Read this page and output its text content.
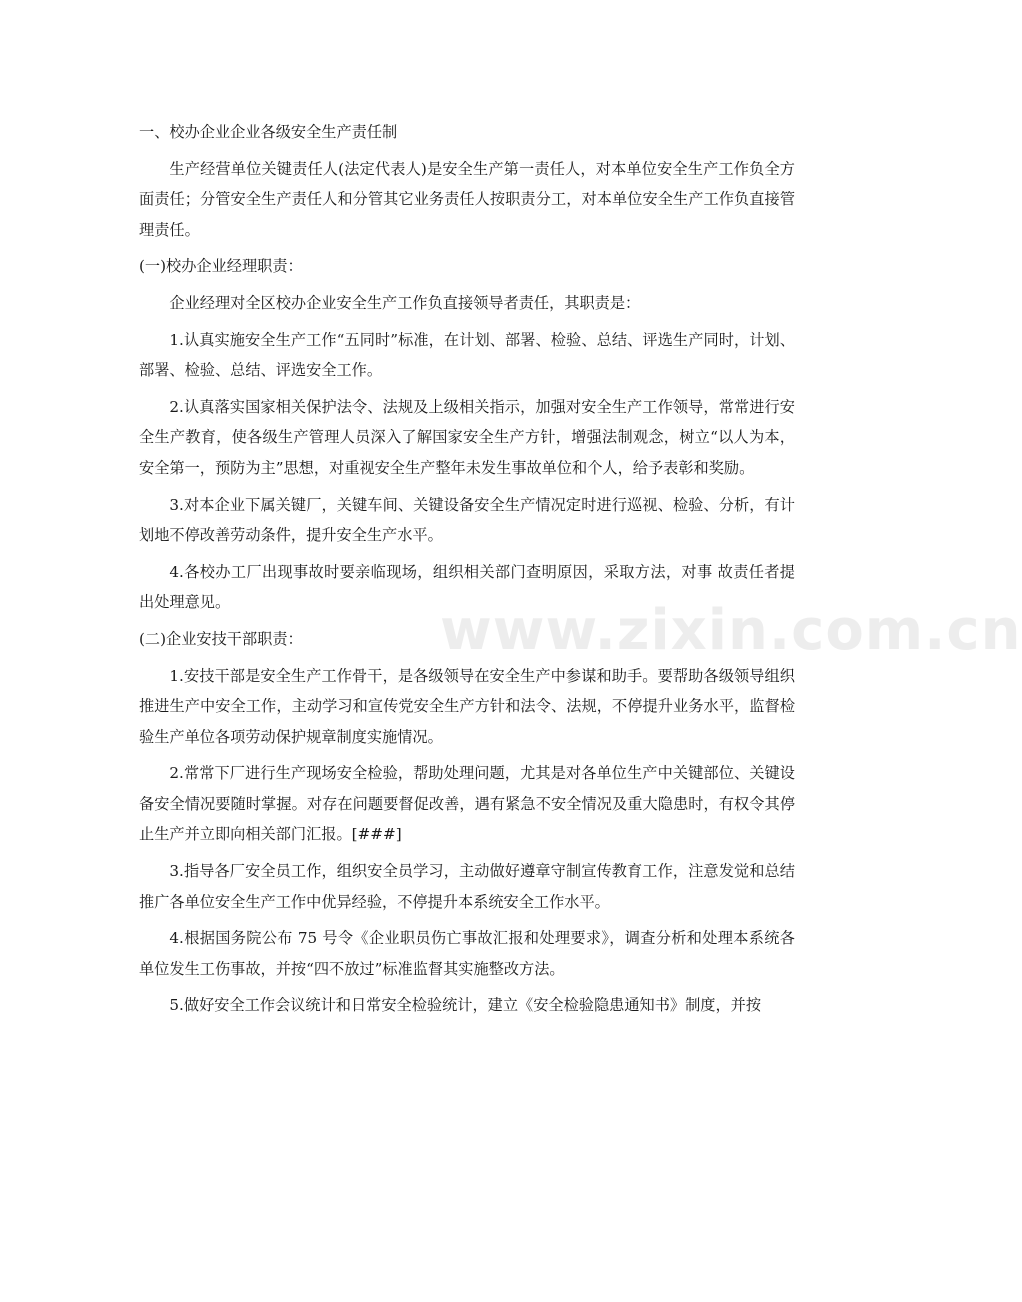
一、校办企业企业各级安全生产责任制

生产经营单位关键责任人(法定代表人)是安全生产第一责任人，对本单位安全生产工作负全方面责任；分管安全生产责任人和分管其它业务责任人按职责分工，对本单位安全生产工作负直接管理责任。

(一)校办企业经理职责：

企业经理对全区校办企业安全生产工作负直接领导者责任，其职责是：

1.认真实施安全生产工作“五同时”标准，在计划、部署、检验、总结、评选生产同时，计划、部署、检验、总结、评选安全工作。

2.认真落实国家相关保护法令、法规及上级相关指示，加强对安全生产工作领导，常常进行安全生产教育，使各级生产管理人员深入了解国家安全生产方针，增强法制观念，树立“以人为本，安全第一，预防为主”思想，对重视安全生产整年未发生事故单位和个人，给予表彰和奖励。

3.对本企业下属关键厂，关键车间、关键设备安全生产情况定时进行巡视、检验、分析，有计划地不停改善劳动条件，提升安全生产水平。

4.各校办工厂出现事故时要亲临现场，组织相关部门查明原因，采取方法，对事 故责任者提出处理意见。

(二)企业安技干部职责：

1.安技干部是安全生产工作骨干，是各级领导在安全生产中参谋和助手。要帮助各级领导组织推进生产中安全工作，主动学习和宣传党安全生产方针和法令、法规，不停提升业务水平，监督检验生产单位各项劳动保护规章制度实施情况。

2.常常下厂进行生产现场安全检验，帮助处理问题，尤其是对各单位生产中关键部位、关键设备安全情况要随时掌握。对存在问题要督促改善，遇有紧急不安全情况及重大隐患时，有权令其停止生产并立即向相关部门汇报。[###]

3.指导各厂安全员工作，组织安全员学习，主动做好遵章守制宣传教育工作，注意发觉和总结推广各单位安全生产工作中优异经验，不停提升本系统安全工作水平。

4.根据国务院公布 75 号令《企业职员伤亡事故汇报和处理要求》，调查分析和处理本系统各单位发生工伤事故，并按“四不放过”标准监督其实施整改方法。

5.做好安全工作会议统计和日常安全检验统计，建立《安全检验隐患通知书》制度，并按

www.zixin.com.cn
